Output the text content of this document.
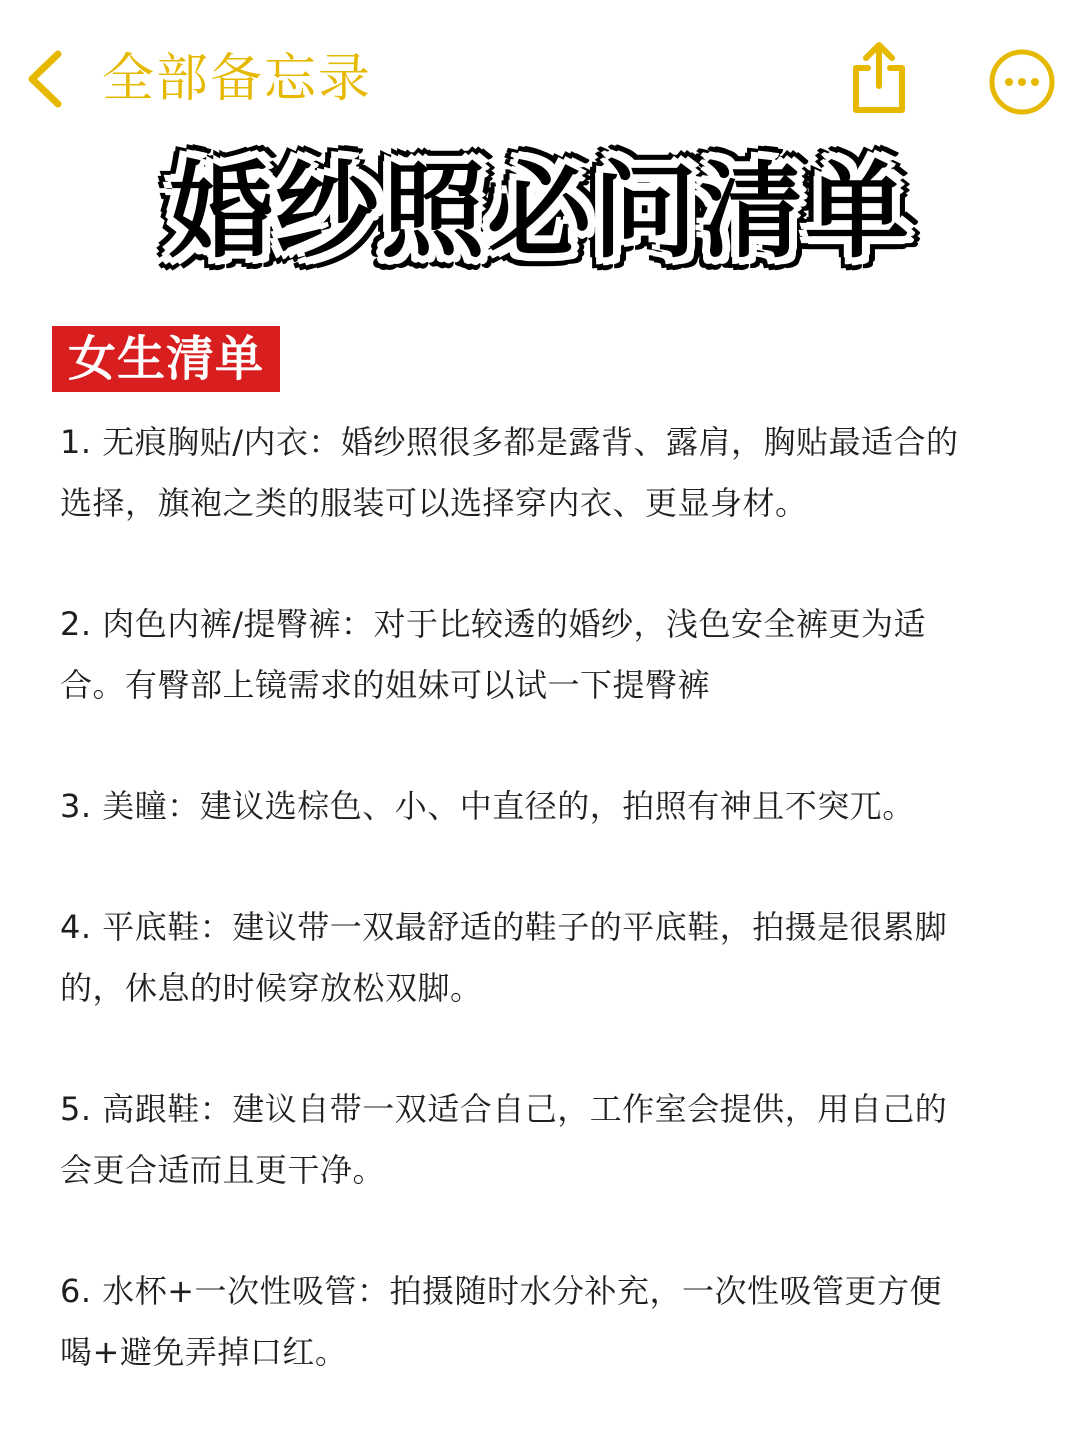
全部备忘录
婚纱照必问清单
女生清单
1. 无痕胸贴/内衣：婚纱照很多都是露背、露肩，胸贴最适合的选择，旗袍之类的服装可以选择穿内衣、更显身材。
2. 肉色内裤/提臀裤：对于比较透的婚纱，浅色安全裤更为适合。有臀部上镜需求的姐妹可以试一下提臀裤
3. 美瞳：建议选棕色、小、中直径的，拍照有神且不突兀。
4. 平底鞋：建议带一双最舒适的鞋子的平底鞋，拍摄是很累脚的，休息的时候穿放松双脚。
5. 高跟鞋：建议自带一双适合自己，工作室会提供，用自己的会更合适而且更干净。
6. 水杯+一次性吸管：拍摄随时水分补充，一次性吸管更方便喝+避免弄掉口红。
